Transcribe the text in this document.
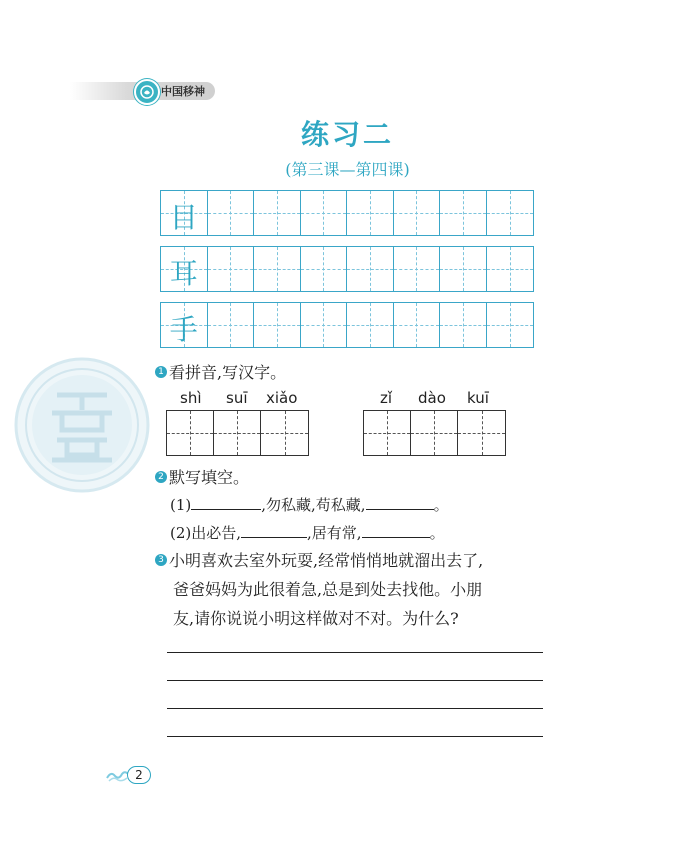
中国移神
练习二
(第三课—第四课)
目
耳
手
1 看拼音,写汉字。
shì suī xiǎo	zǐ dào kuī
2 默写填空。
(1)	,勿私藏,苟私藏,	。
(2)出必告,	,居有常,	。
3 小明喜欢去室外玩耍,经常悄悄地就溜出去了,
爸爸妈妈为此很着急,总是到处去找他。小朋
友,请你说说小明这样做对不对。为什么?
2
